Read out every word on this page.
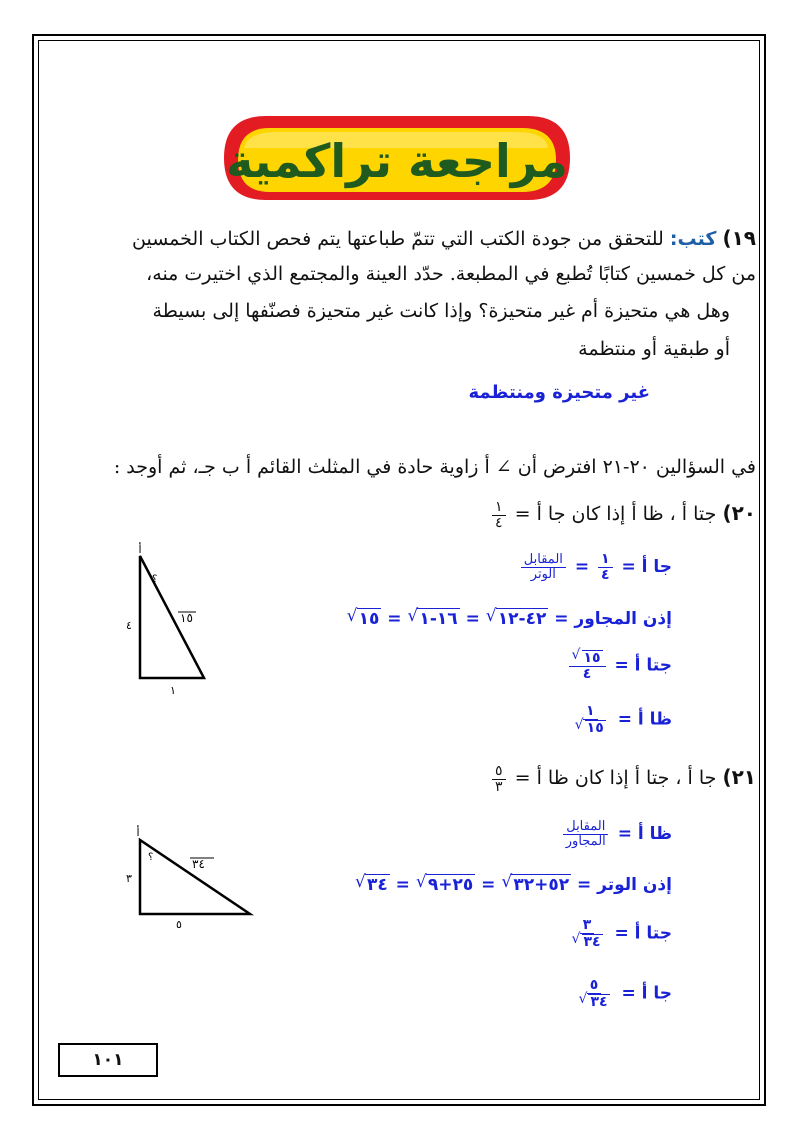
مراجعة تراكمية
١٩) كتب: للتحقق من جودة الكتب التي تتمّ طباعتها يتم فحص الكتاب الخمسين
من كل خمسين كتابًا تُطبع في المطبعة. حدّد العينة والمجتمع الذي اختيرت منه،
وهل هي متحيزة أم غير متحيزة؟ وإذا كانت غير متحيزة فصنّفها إلى بسيطة
أو طبقية أو منتظمة
غير متحيزة ومنتظمة
في السؤالين ٢٠-٢١ افترض أن ∠ أ زاوية حادة في المثلث القائم أ ب جـ، ثم أوجد :
٢٠) جتا أ ، ظا أ إذا كان جا أ =
$\frac{١}{٤}$
جا أ =
$\frac{١}{٤}$
=
$\frac{\text{المقابل}}{\text{الوتر}}$
إذن المجاور = ٤٢-١٢ √ = ١٦-١ √ = ١٥ √
جتا أ =
$\frac{١٥ √}{٤}$
ظا أ =
$\frac{١}{١٥}$ √
أ
؟
١٥
٤
١
٢١) جا أ ، جتا أ إذا كان ظا أ =
$\frac{٥}{٣}$
ظا أ =
$\frac{\text{المقابل}}{\text{المجاور}}$
إذن الوتر = ٥٢+٣٢ √ = ٢٥+٩ √ = ٣٤ √
جتا أ =
$\frac{٣}{٣٤}$ √
جا أ =
$\frac{٥}{٣٤}$ √
أ
؟	٣٤
٣
٥
١٠١
